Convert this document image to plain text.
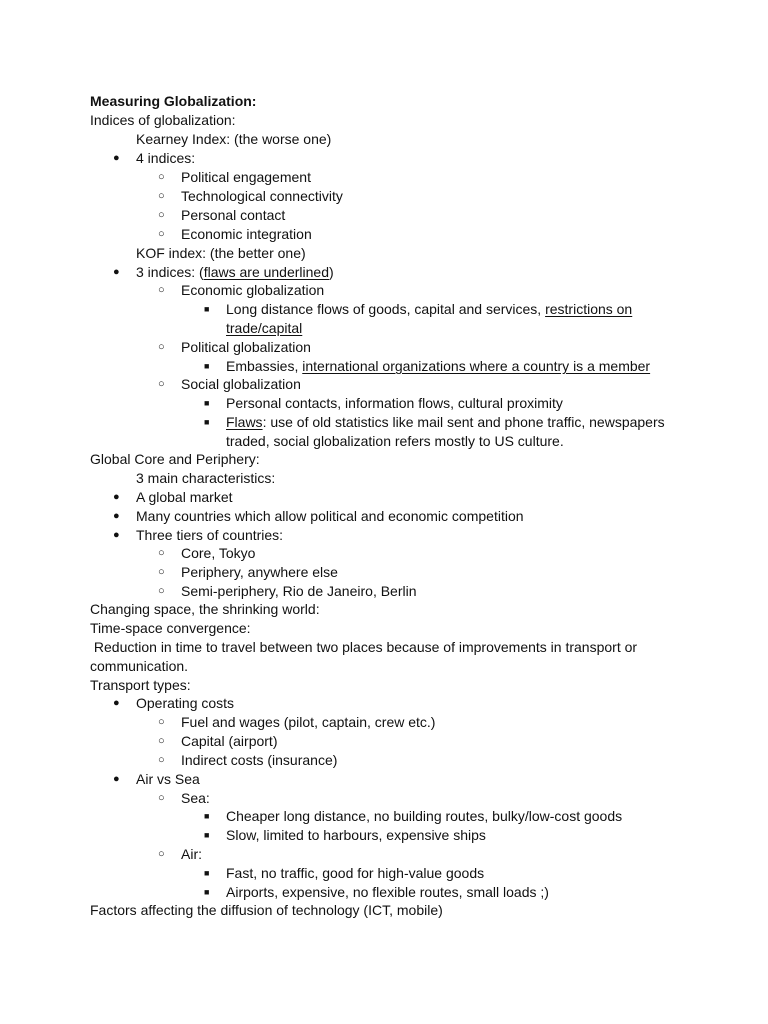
Measuring Globalization:
Indices of globalization:
Kearney Index: (the worse one)
● 4 indices:
○ Political engagement
○ Technological connectivity
○ Personal contact
○ Economic integration
KOF index: (the better one)
● 3 indices: (flaws are underlined)
○ Economic globalization
■ Long distance flows of goods, capital and services, restrictions on
trade/capital
○ Political globalization
■ Embassies, international organizations where a country is a member
○ Social globalization
■ Personal contacts, information flows, cultural proximity
■ Flaws: use of old statistics like mail sent and phone traffic, newspapers
traded, social globalization refers mostly to US culture.
Global Core and Periphery:
3 main characteristics:
● A global market
● Many countries which allow political and economic competition
● Three tiers of countries:
○ Core, Tokyo
○ Periphery, anywhere else
○ Semi-periphery, Rio de Janeiro, Berlin
Changing space, the shrinking world:
Time-space convergence:
Reduction in time to travel between two places because of improvements in transport or
communication.
Transport types:
● Operating costs
○ Fuel and wages (pilot, captain, crew etc.)
○ Capital (airport)
○ Indirect costs (insurance)
● Air vs Sea
○ Sea:
■ Cheaper long distance, no building routes, bulky/low-cost goods
■ Slow, limited to harbours, expensive ships
○ Air:
■ Fast, no traffic, good for high-value goods
■ Airports, expensive, no flexible routes, small loads ;)
Factors affecting the diffusion of technology (ICT, mobile)
